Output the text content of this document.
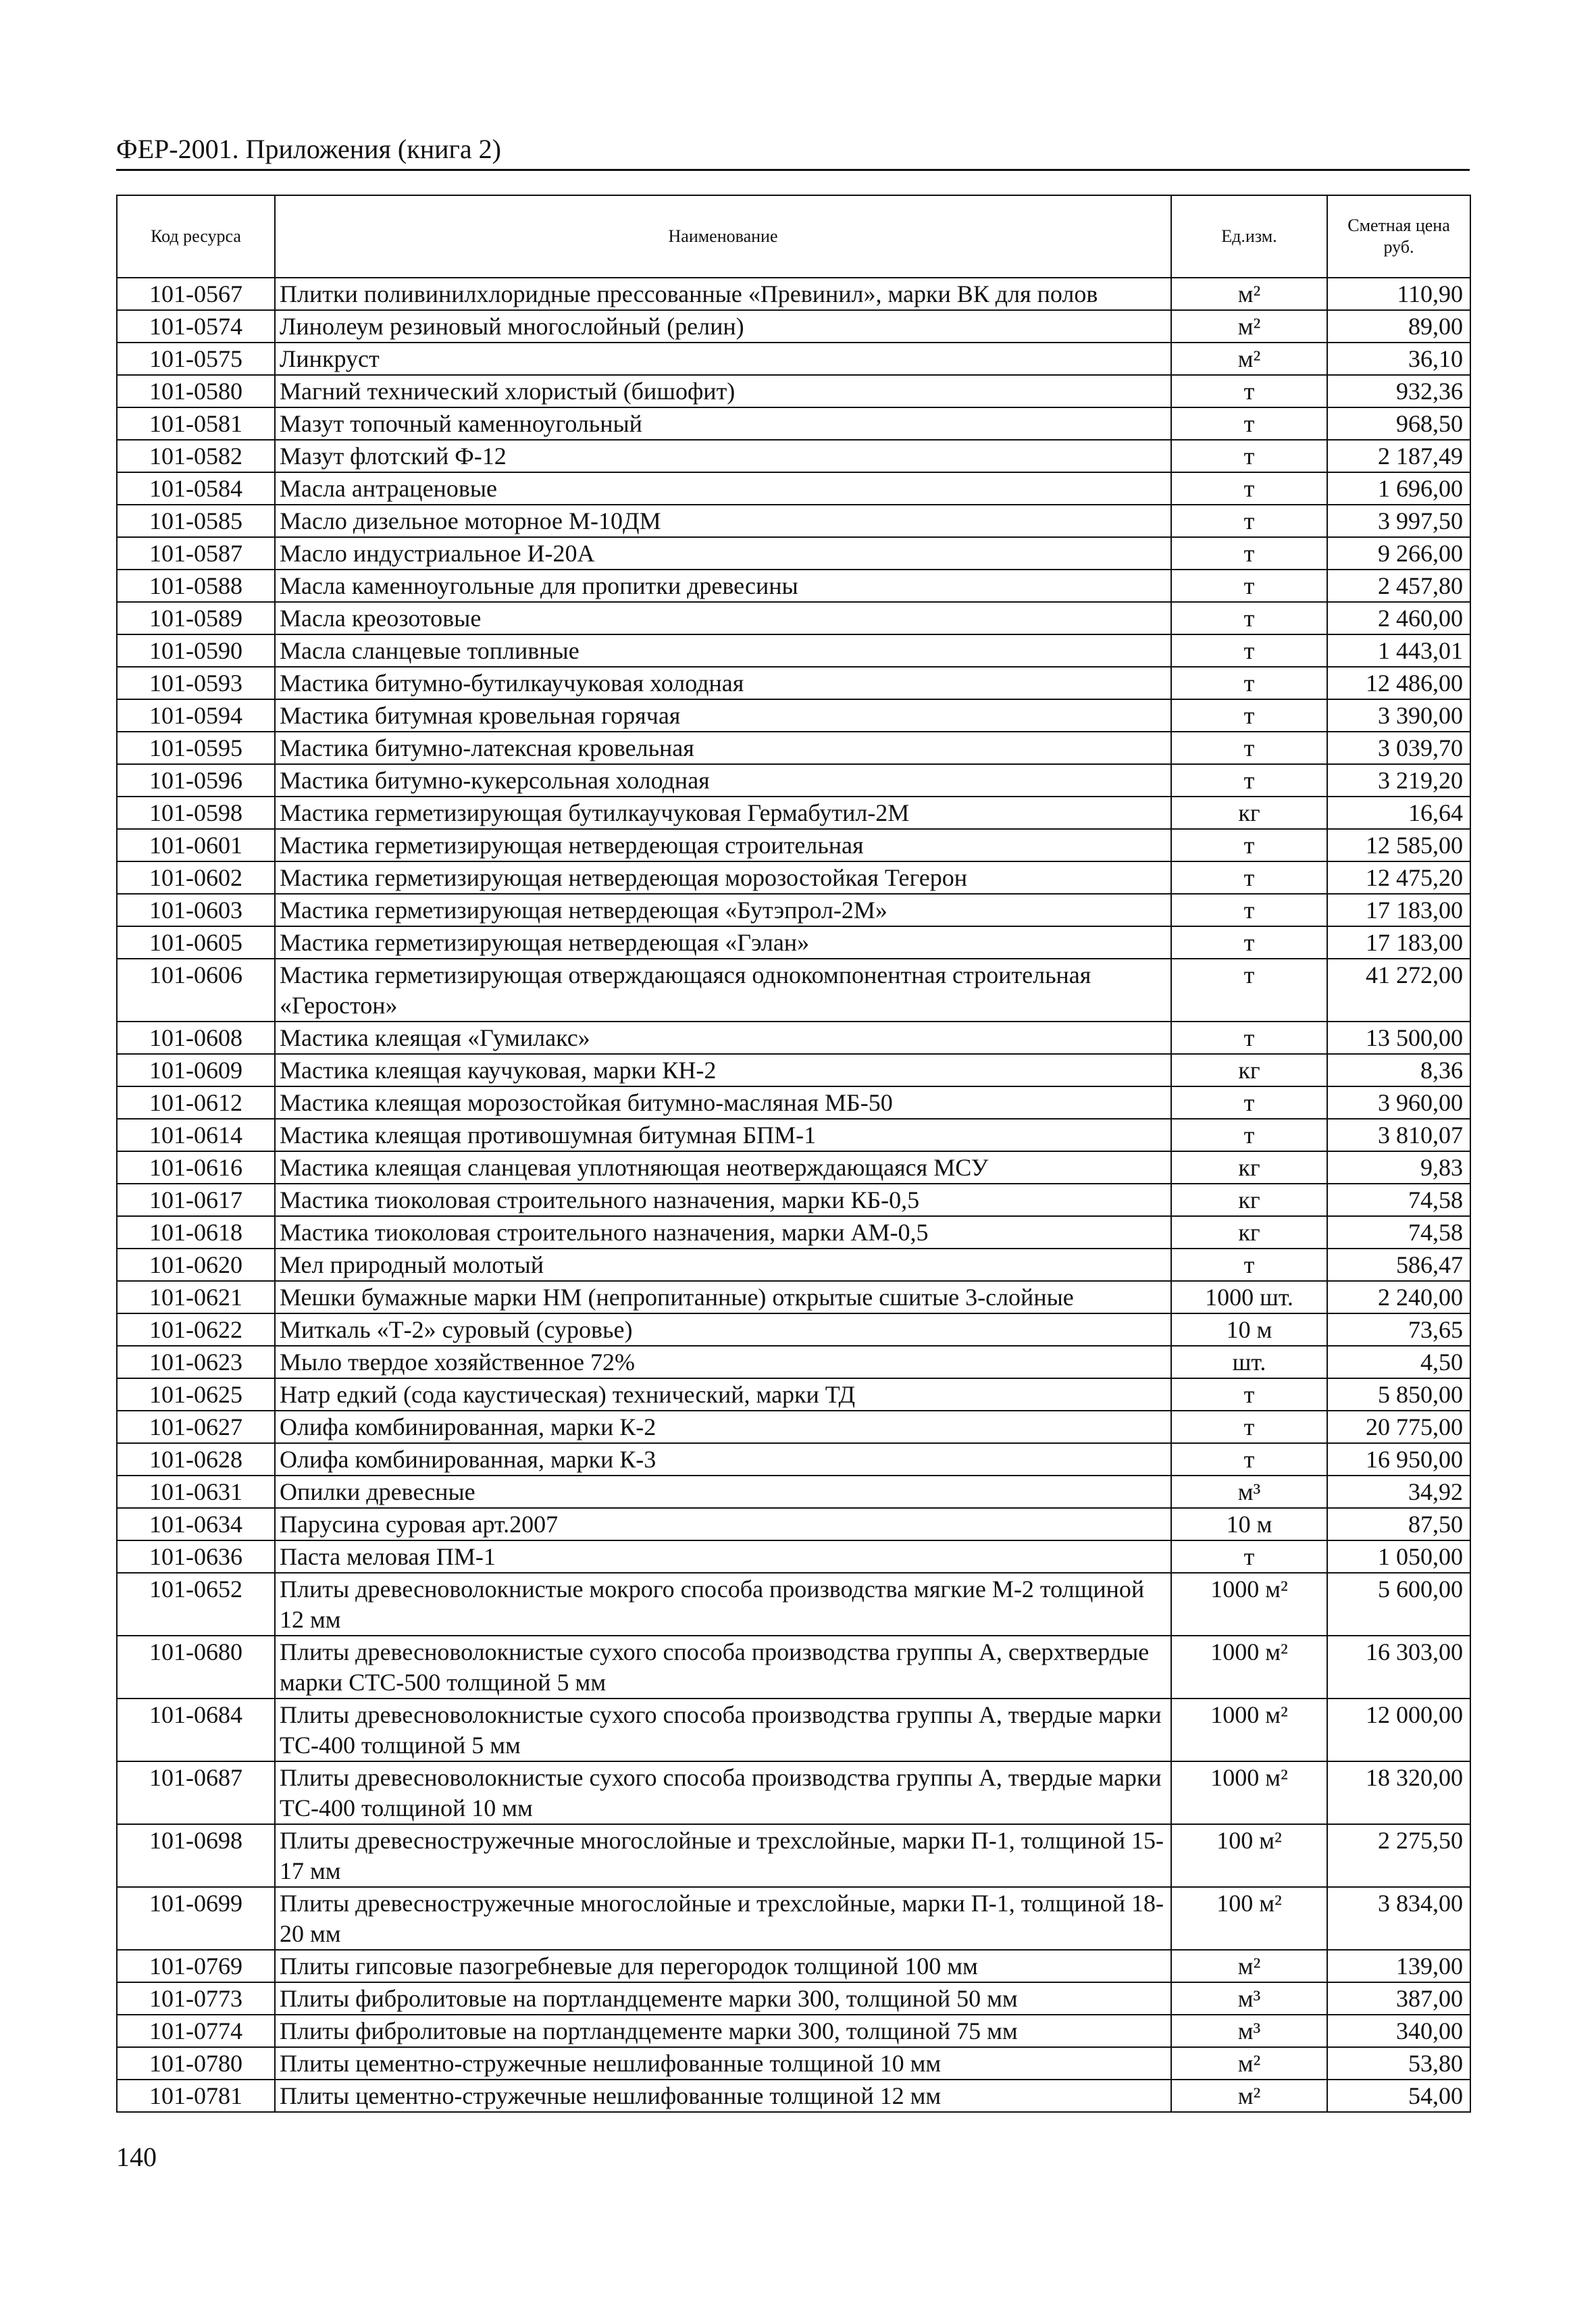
ФЕР-2001. Приложения (книга 2)
Код ресурса	Наименование	Ед.изм.	Сметная цена руб.
101-0567	Плитки поливинилхлоридные прессованные «Превинил», марки ВК для полов	м²	110,90
101-0574	Линолеум резиновый многослойный (релин)	м²	89,00
101-0575	Линкруст	м²	36,10
101-0580	Магний технический хлористый (бишофит)	т	932,36
101-0581	Мазут топочный каменноугольный	т	968,50
101-0582	Мазут флотский Ф-12	т	2 187,49
101-0584	Масла антраценовые	т	1 696,00
101-0585	Масло дизельное моторное М-10ДМ	т	3 997,50
101-0587	Масло индустриальное И-20А	т	9 266,00
101-0588	Масла каменноугольные для пропитки древесины	т	2 457,80
101-0589	Масла креозотовые	т	2 460,00
101-0590	Масла сланцевые топливные	т	1 443,01
101-0593	Мастика битумно-бутилкаучуковая холодная	т	12 486,00
101-0594	Мастика битумная кровельная горячая	т	3 390,00
101-0595	Мастика битумно-латексная кровельная	т	3 039,70
101-0596	Мастика битумно-кукерсольная холодная	т	3 219,20
101-0598	Мастика герметизирующая бутилкаучуковая Гермабутил-2М	кг	16,64
101-0601	Мастика герметизирующая нетвердеющая строительная	т	12 585,00
101-0602	Мастика герметизирующая нетвердеющая морозостойкая Тегерон	т	12 475,20
101-0603	Мастика герметизирующая нетвердеющая «Бутэпрол-2М»	т	17 183,00
101-0605	Мастика герметизирующая нетвердеющая «Гэлан»	т	17 183,00
101-0606	Мастика герметизирующая отверждающаяся однокомпонентная строительная «Героcтон»	т	41 272,00
101-0608	Мастика клеящая «Гумилакс»	т	13 500,00
101-0609	Мастика клеящая каучуковая, марки КН-2	кг	8,36
101-0612	Мастика клеящая морозостойкая битумно-масляная МБ-50	т	3 960,00
101-0614	Мастика клеящая противошумная битумная БПМ-1	т	3 810,07
101-0616	Мастика клеящая сланцевая уплотняющая неотверждающаяся МСУ	кг	9,83
101-0617	Мастика тиоколовая строительного назначения, марки КБ-0,5	кг	74,58
101-0618	Мастика тиоколовая строительного назначения, марки АМ-0,5	кг	74,58
101-0620	Мел природный молотый	т	586,47
101-0621	Мешки бумажные марки НМ (непропитанные) открытые сшитые 3-слойные	1000 шт.	2 240,00
101-0622	Миткаль «Т-2» суровый (суровье)	10 м	73,65
101-0623	Мыло твердое хозяйственное 72%	шт.	4,50
101-0625	Натр едкий (сода каустическая) технический, марки ТД	т	5 850,00
101-0627	Олифа комбинированная, марки К-2	т	20 775,00
101-0628	Олифа комбинированная, марки К-3	т	16 950,00
101-0631	Опилки древесные	м³	34,92
101-0634	Парусина суровая арт.2007	10 м	87,50
101-0636	Паста меловая ПМ-1	т	1 050,00
101-0652	Плиты древесноволокнистые мокрого способа производства мягкие М-2 толщиной 12 мм	1000 м²	5 600,00
101-0680	Плиты древесноволокнистые сухого способа производства группы А, сверхтвердые марки СТС-500 толщиной 5 мм	1000 м²	16 303,00
101-0684	Плиты древесноволокнистые сухого способа производства группы А, твердые марки ТС-400 толщиной 5 мм	1000 м²	12 000,00
101-0687	Плиты древесноволокнистые сухого способа производства группы А, твердые марки ТС-400 толщиной 10 мм	1000 м²	18 320,00
101-0698	Плиты древесностружечные многослойные и трехслойные, марки П-1, толщиной 15-17 мм	100 м²	2 275,50
101-0699	Плиты древесностружечные многослойные и трехслойные, марки П-1, толщиной 18-20 мм	100 м²	3 834,00
101-0769	Плиты гипсовые пазогребневые для перегородок толщиной 100 мм	м²	139,00
101-0773	Плиты фибролитовые на портландцементе марки 300, толщиной 50 мм	м³	387,00
101-0774	Плиты фибролитовые на портландцементе марки 300, толщиной 75 мм	м³	340,00
101-0780	Плиты цементно-стружечные нешлифованные толщиной 10 мм	м²	53,80
101-0781	Плиты цементно-стружечные нешлифованные толщиной 12 мм	м²	54,00
140
